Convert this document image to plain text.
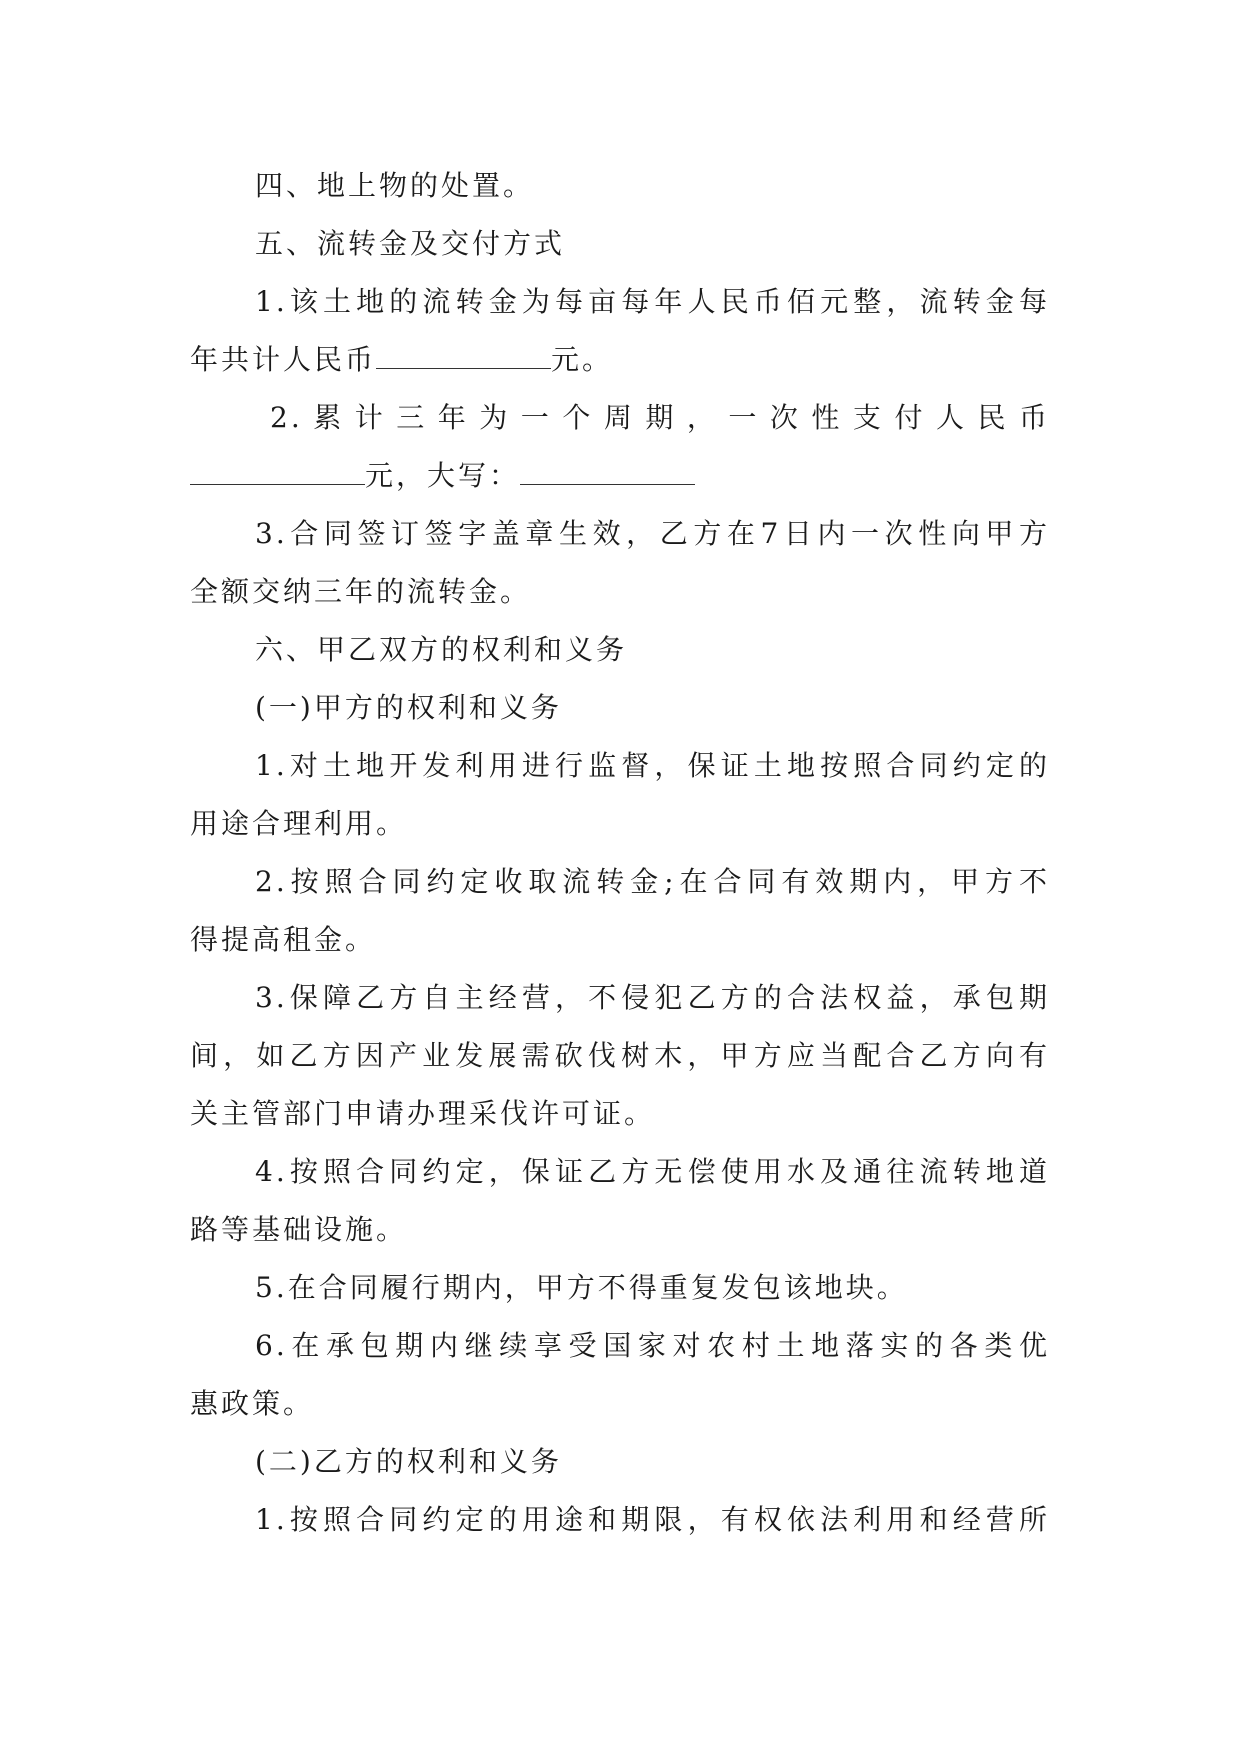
四、地上物的处置。
五、流转金及交付方式
1.该土地的流转金为每亩每年人民币佰元整，流转金每
年共计人民币	元。
2.累计三年为一个周期，一次性支付人民币
元，大写：
3.合同签订签字盖章生效，乙方在7日内一次性向甲方
全额交纳三年的流转金。
六、甲乙双方的权利和义务
(一)甲方的权利和义务
1.对土地开发利用进行监督，保证土地按照合同约定的
用途合理利用。
2.按照合同约定收取流转金;在合同有效期内，甲方不
得提高租金。
3.保障乙方自主经营，不侵犯乙方的合法权益，承包期
间，如乙方因产业发展需砍伐树木，甲方应当配合乙方向有
关主管部门申请办理采伐许可证。
4.按照合同约定，保证乙方无偿使用水及通往流转地道
路等基础设施。
5.在合同履行期内，甲方不得重复发包该地块。
6.在承包期内继续享受国家对农村土地落实的各类优
惠政策。
(二)乙方的权利和义务
1.按照合同约定的用途和期限，有权依法利用和经营所
